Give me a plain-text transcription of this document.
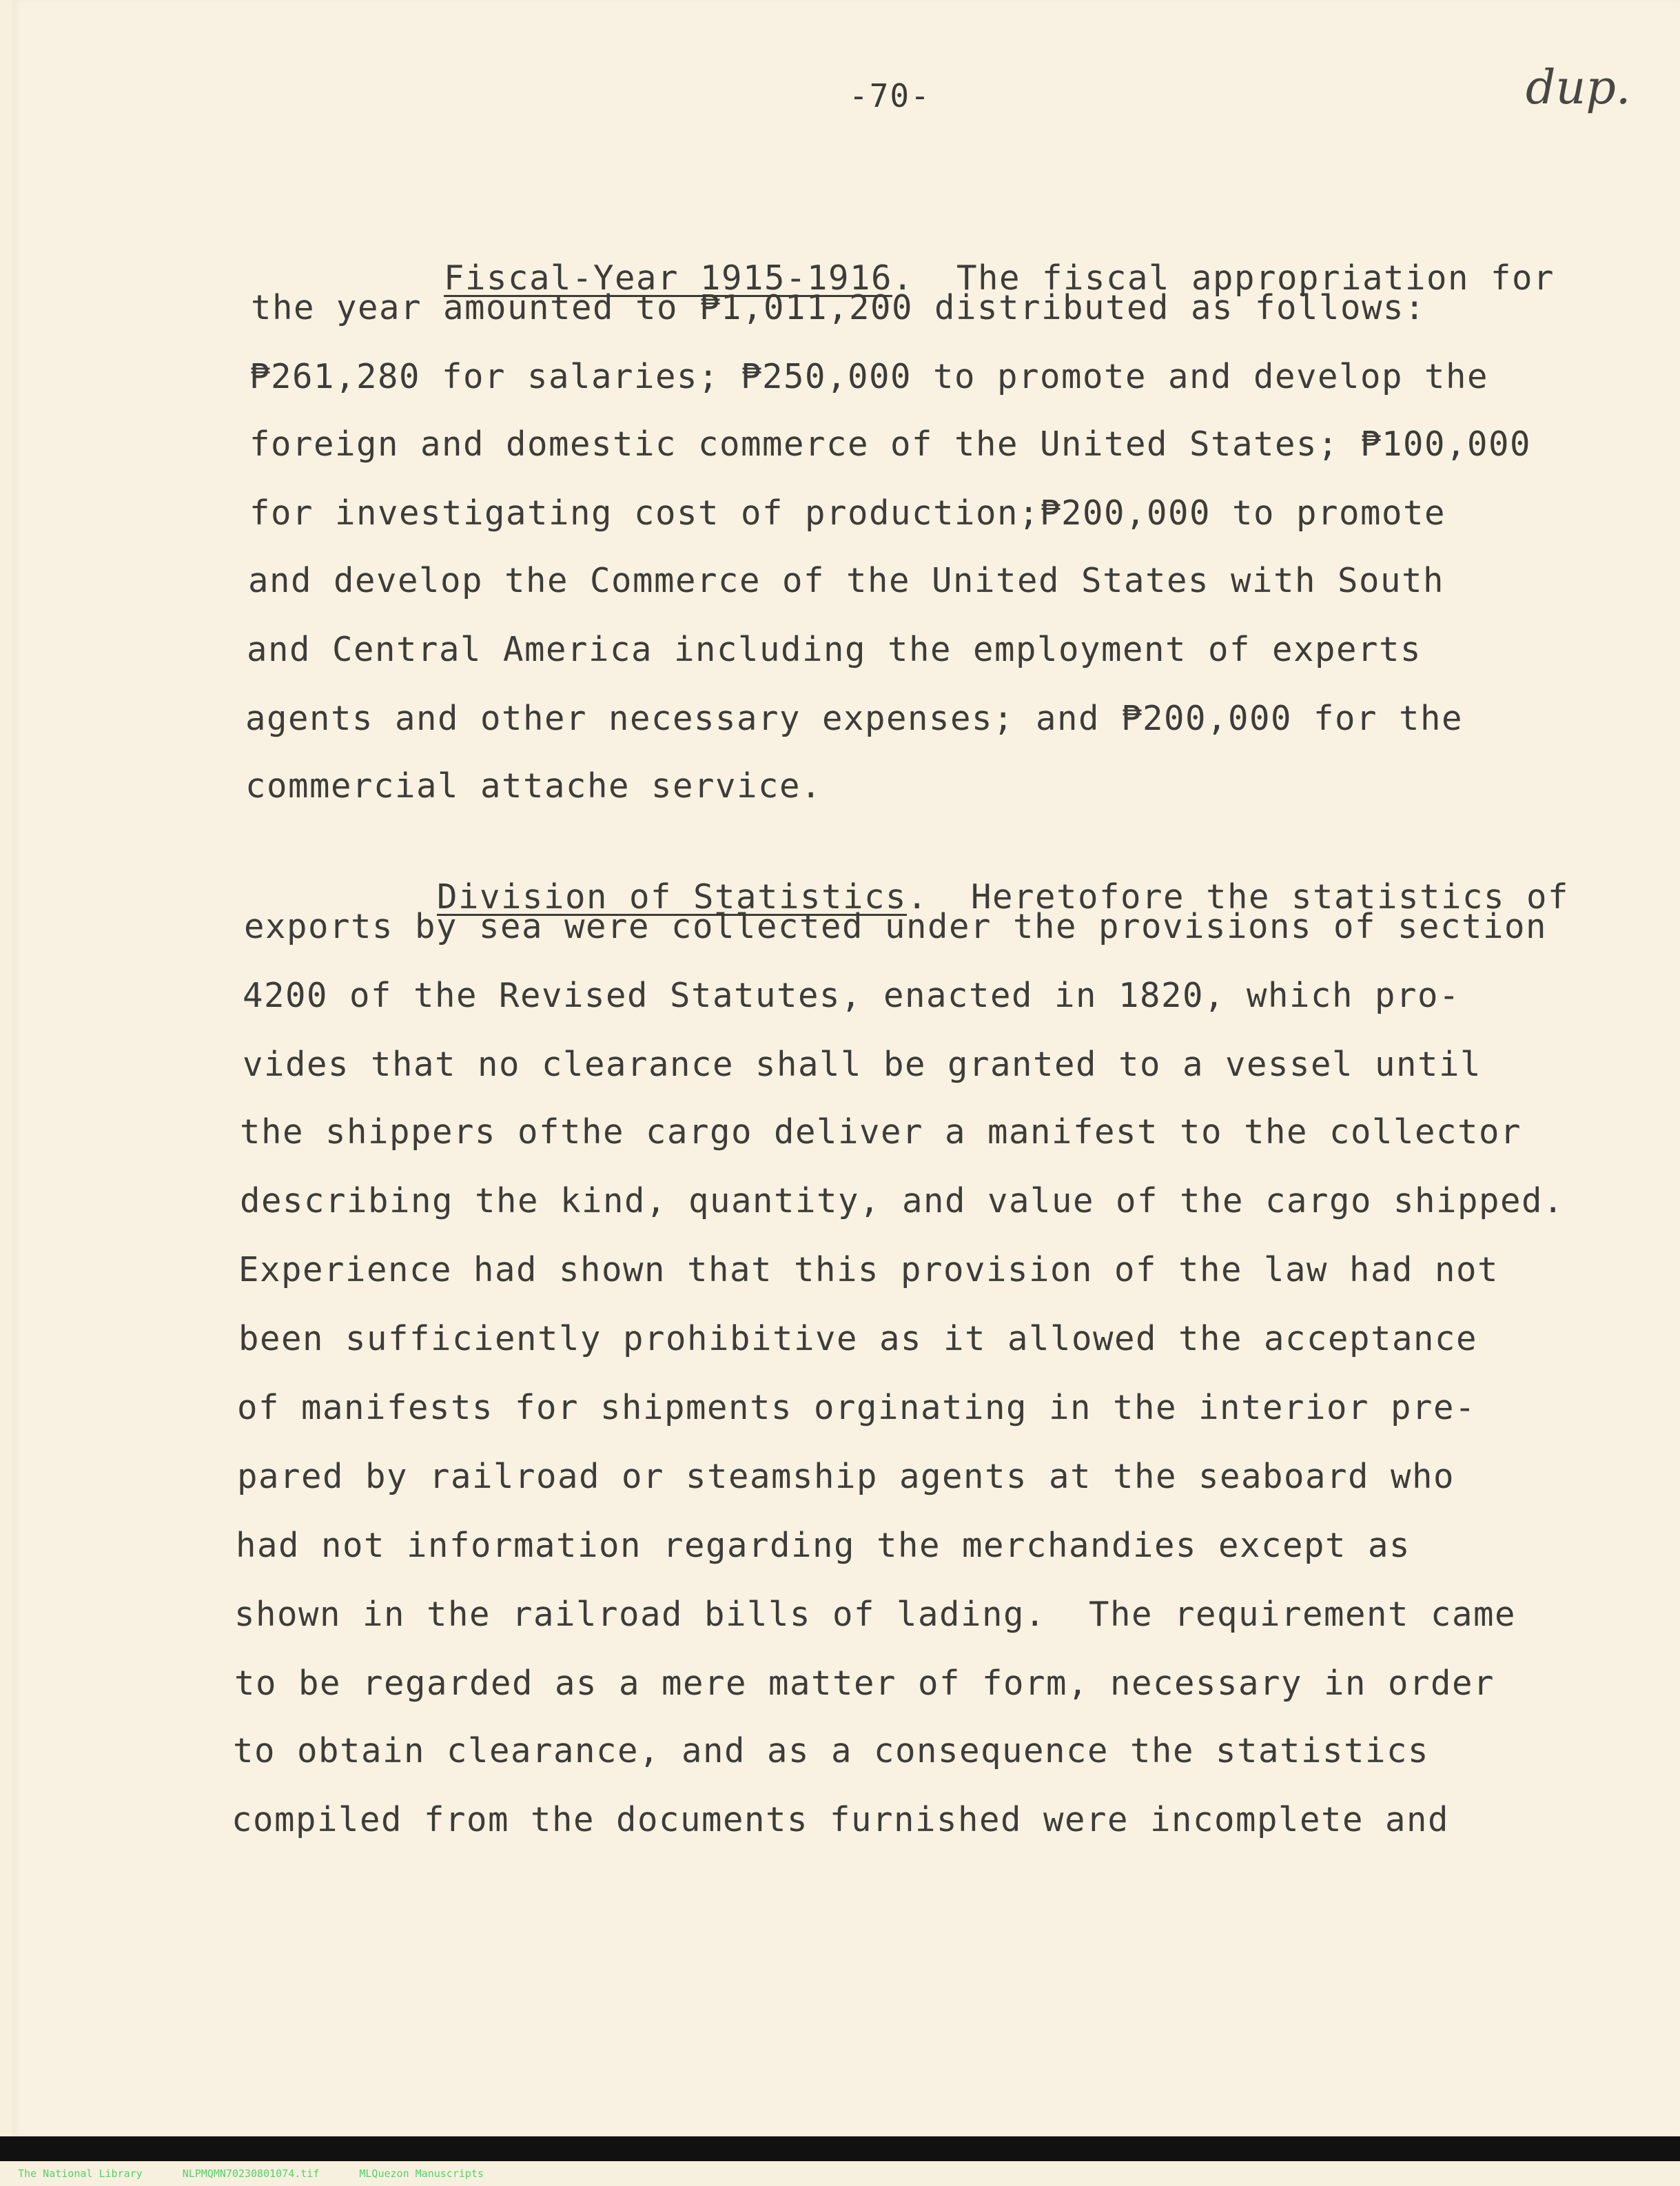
-70-	dup.

Fiscal-Year 1915-1916.  The fiscal appropriation for

the year amounted to ₱1,011,200 distributed as follows:
₱261,280 for salaries; ₱250,000 to promote and develop the
foreign and domestic commerce of the United States; ₱100,000
for investigating cost of production;₱200,000 to promote
and develop the Commerce of the United States with South
and Central America including the employment of experts
agents and other necessary expenses; and ₱200,000 for the
commercial attache service.

Division of Statistics.  Heretofore the statistics of

exports by sea were collected under the provisions of section
4200 of the Revised Statutes, enacted in 1820, which pro-
vides that no clearance shall be granted to a vessel until
the shippers ofthe cargo deliver a manifest to the collector
describing the kind, quantity, and value of the cargo shipped.
Experience had shown that this provision of the law had not
been sufficiently prohibitive as it allowed the acceptance
of manifests for shipments orginating in the interior pre-
pared by railroad or steamship agents at the seaboard who
had not information regarding the merchandies except as
shown in the railroad bills of lading.  The requirement came
to be regarded as a mere matter of form, necessary in order
to obtain clearance, and as a consequence the statistics
compiled from the documents furnished were incomplete and

The National Library	NLPMQMN70230801074.tif	MLQuezon Manuscripts
